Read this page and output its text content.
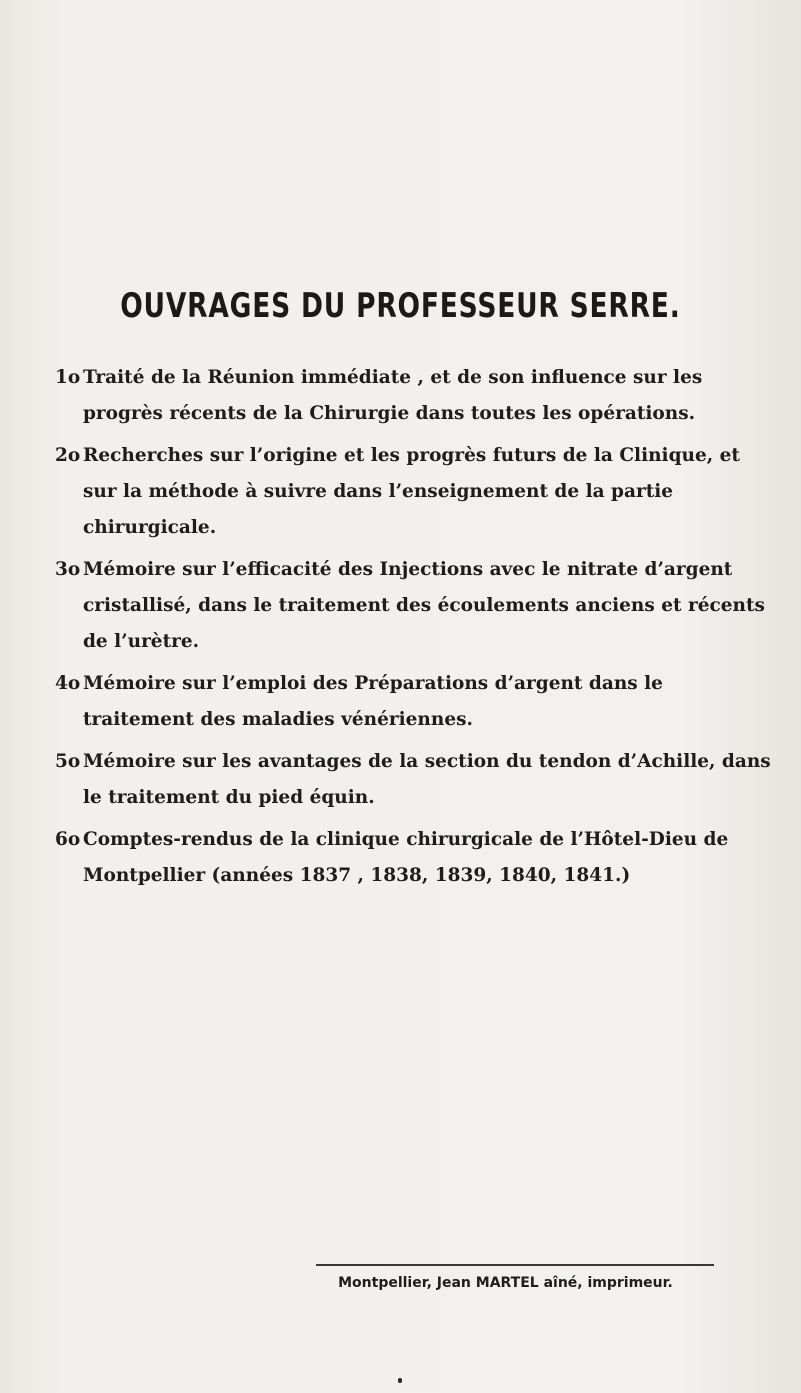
OUVRAGES DU PROFESSEUR SERRE.
1o Traité de la Réunion immédiate , et de son influence sur les progrès récents de la Chirurgie dans toutes les opérations.
2o Recherches sur l’origine et les progrès futurs de la Clinique, et sur la méthode à suivre dans l’enseignement de la partie chirurgicale.
3o Mémoire sur l’efficacité des Injections avec le nitrate d’argent cristallisé, dans le traitement des écoulements anciens et récents de l’urètre.
4o Mémoire sur l’emploi des Préparations d’argent dans le traitement des maladies vénériennes.
5o Mémoire sur les avantages de la section du tendon d’Achille, dans le traitement du pied équin.
6o Comptes-rendus de la clinique chirurgicale de l’Hôtel-Dieu de Montpellier (années 1837 , 1838, 1839, 1840, 1841.)
Montpellier, Jean MARTEL aîné, imprimeur.
